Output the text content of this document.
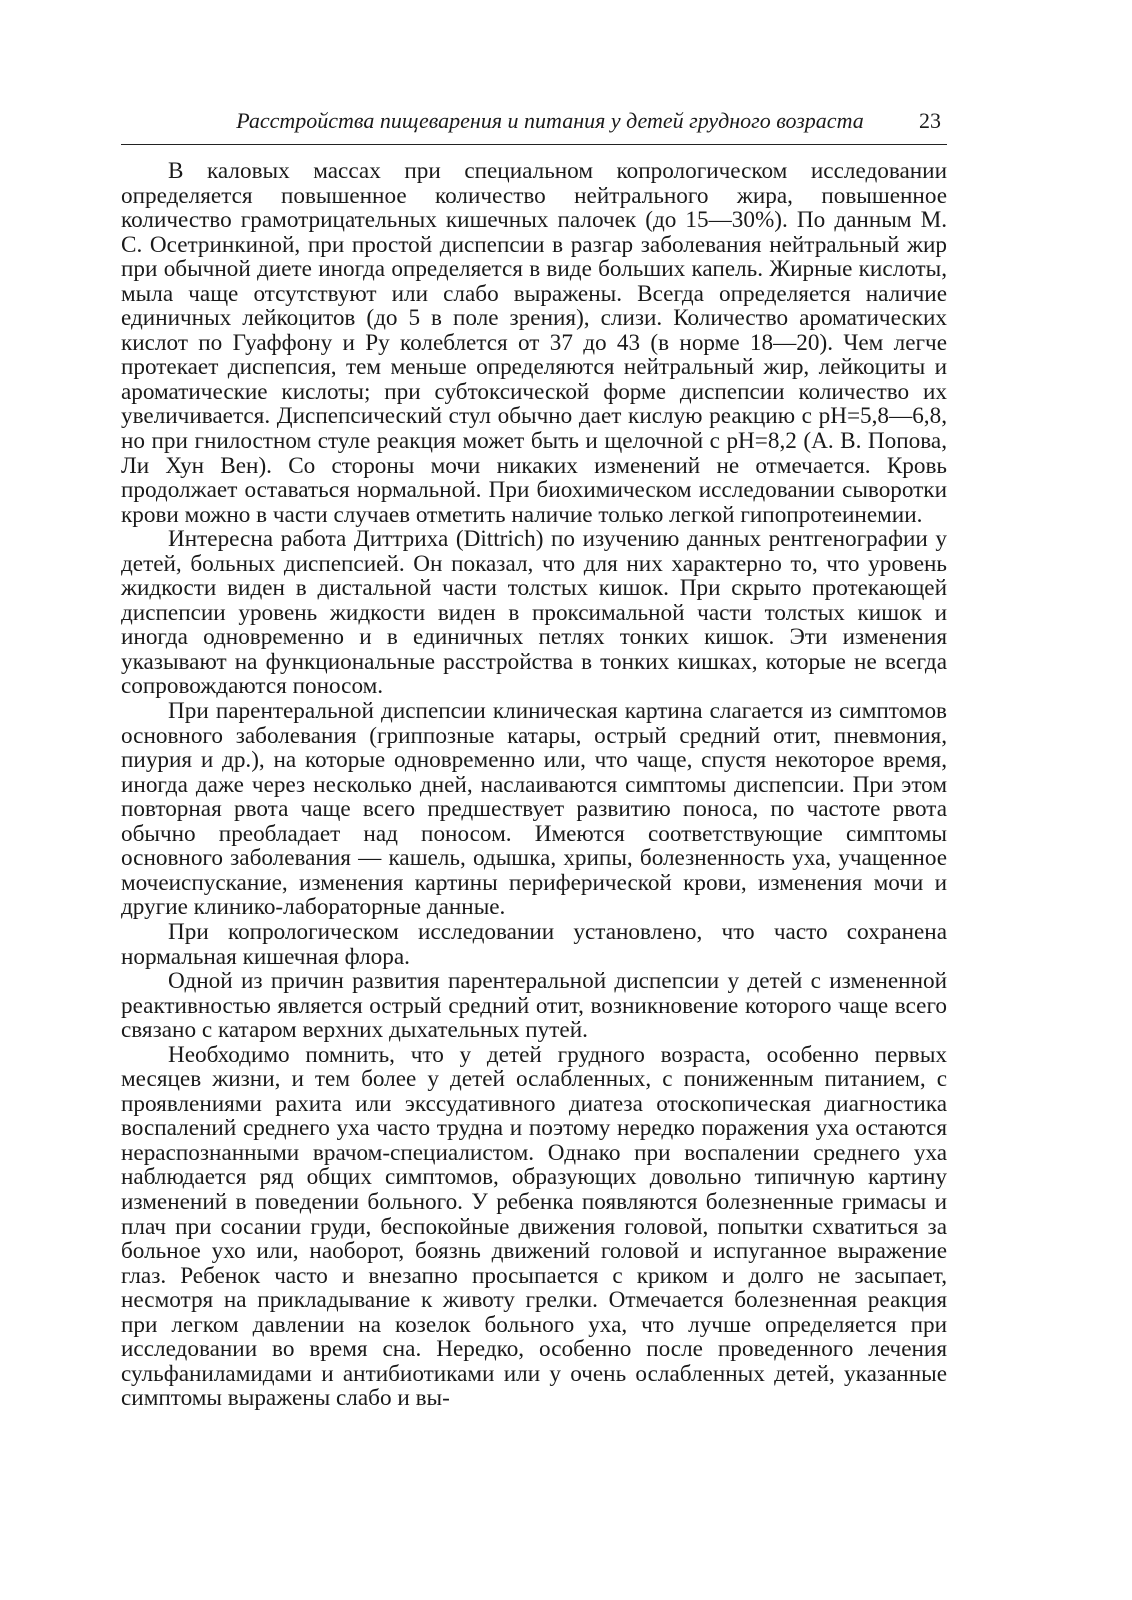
Расстройства пищеварения и питания у детей грудного возраста	23

В каловых массах при специальном копрологическом исследовании определяется повышенное количество нейтрального жира, повышенное количество грамотрицательных кишечных палочек (до 15—30%). По данным М. С. Осетринкиной, при простой диспепсии в разгар заболевания нейтральный жир при обычной диете иногда определяется в виде больших капель. Жирные кислоты, мыла чаще отсутствуют или слабо выражены. Всегда определяется наличие единичных лейкоцитов (до 5 в поле зрения), слизи. Количество ароматических кислот по Гуаффону и Ру колеблется от 37 до 43 (в норме 18—20). Чем легче протекает диспепсия, тем меньше определяются нейтральный жир, лейкоциты и ароматические кислоты; при субтоксической форме диспепсии количество их увеличивается. Диспепсический стул обычно дает кислую реакцию с рН=5,8—6,8, но при гнилостном стуле реакция может быть и щелочной с рН=8,2 (А. В. Попова, Ли Хун Вен). Со стороны мочи никаких изменений не отмечается. Кровь продолжает оставаться нормальной. При биохимическом исследовании сыворотки крови можно в части случаев отметить наличие только легкой гипопротеинемии.

Интересна работа Диттриха (Dittrich) по изучению данных рентгенографии у детей, больных диспепсией. Он показал, что для них характерно то, что уровень жидкости виден в дистальной части толстых кишок. При скрыто протекающей диспепсии уровень жидкости виден в проксимальной части толстых кишок и иногда одновременно и в единичных петлях тонких кишок. Эти изменения указывают на функциональные расстройства в тонких кишках, которые не всегда сопровождаются поносом.

При парентеральной диспепсии клиническая картина слагается из симптомов основного заболевания (гриппозные катары, острый средний отит, пневмония, пиурия и др.), на которые одновременно или, что чаще, спустя некоторое время, иногда даже через несколько дней, наслаиваются симптомы диспепсии. При этом повторная рвота чаще всего предшествует развитию поноса, по частоте рвота обычно преобладает над поносом. Имеются соответствующие симптомы основного заболевания — кашель, одышка, хрипы, болезненность уха, учащенное мочеиспускание, изменения картины периферической крови, изменения мочи и другие клинико-лабораторные данные.

При копрологическом исследовании установлено, что часто сохранена нормальная кишечная флора.

Одной из причин развития парентеральной диспепсии у детей с измененной реактивностью является острый средний отит, возникновение которого чаще всего связано с катаром верхних дыхательных путей.

Необходимо помнить, что у детей грудного возраста, особенно первых месяцев жизни, и тем более у детей ослабленных, с пониженным питанием, с проявлениями рахита или экссудативного диатеза отоскопическая диагностика воспалений среднего уха часто трудна и поэтому нередко поражения уха остаются нераспознанными врачом-специалистом. Однако при воспалении среднего уха наблюдается ряд общих симптомов, образующих довольно типичную картину изменений в поведении больного. У ребенка появляются болезненные гримасы и плач при сосании груди, беспокойные движения головой, попытки схватиться за больное ухо или, наоборот, боязнь движений головой и испуганное выражение глаз. Ребенок часто и внезапно просыпается с криком и долго не засыпает, несмотря на прикладывание к животу грелки. Отмечается болезненная реакция при легком давлении на козелок больного уха, что лучше определяется при исследовании во время сна. Нередко, особенно после проведенного лечения сульфаниламидами и антибиотиками или у очень ослабленных детей, указанные симптомы выражены слабо и вы-
